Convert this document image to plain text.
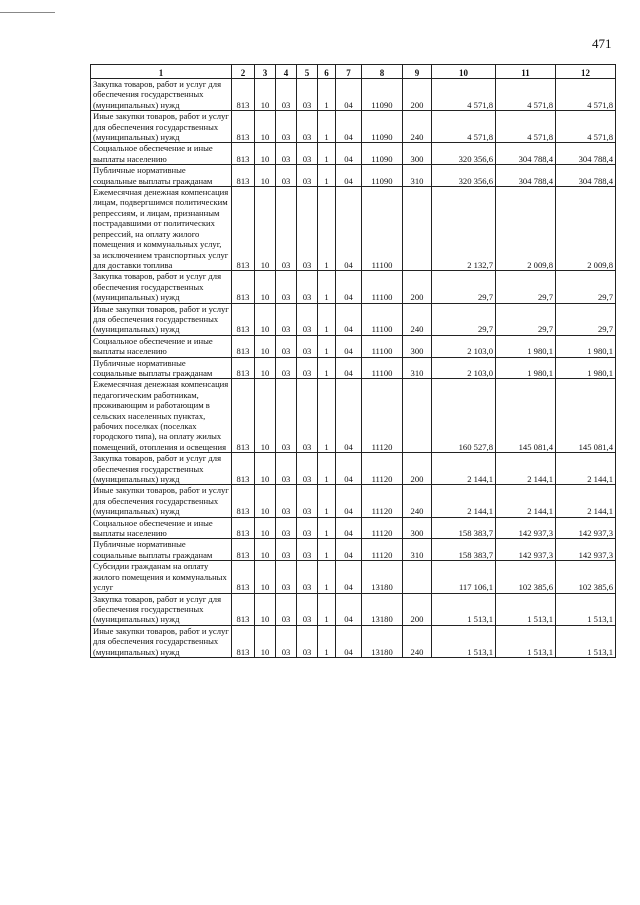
471
1	2	3	4	5	6	7	8	9	10	11	12
Закупка товаров, работ и услуг для обеспечения государственных (муниципальных) нужд	813	10	03	03	1	04	11090	200	4 571,8	4 571,8	4 571,8
Иные закупки товаров, работ и услуг для обеспечения государственных (муниципальных) нужд	813	10	03	03	1	04	11090	240	4 571,8	4 571,8	4 571,8
Социальное обеспечение и иные выплаты населению	813	10	03	03	1	04	11090	300	320 356,6	304 788,4	304 788,4
Публичные нормативные социальные выплаты гражданам	813	10	03	03	1	04	11090	310	320 356,6	304 788,4	304 788,4
Ежемесячная денежная компенсация лицам, подвергшимся политическим репрессиям, и лицам, признанным пострадавшими от политических репрессий, на оплату жилого помещения и коммунальных услуг, за исключением транспортных услуг для доставки топлива	813	10	03	03	1	04	11100		2 132,7	2 009,8	2 009,8
Закупка товаров, работ и услуг для обеспечения государственных (муниципальных) нужд	813	10	03	03	1	04	11100	200	29,7	29,7	29,7
Иные закупки товаров, работ и услуг для обеспечения государственных (муниципальных) нужд	813	10	03	03	1	04	11100	240	29,7	29,7	29,7
Социальное обеспечение и иные выплаты населению	813	10	03	03	1	04	11100	300	2 103,0	1 980,1	1 980,1
Публичные нормативные социальные выплаты гражданам	813	10	03	03	1	04	11100	310	2 103,0	1 980,1	1 980,1
Ежемесячная денежная компенсация педагогическим работникам, проживающим и работающим в сельских населенных пунктах, рабочих поселках (поселках городского типа), на оплату жилых помещений, отопления и освещения	813	10	03	03	1	04	11120		160 527,8	145 081,4	145 081,4
Закупка товаров, работ и услуг для обеспечения государственных (муниципальных) нужд	813	10	03	03	1	04	11120	200	2 144,1	2 144,1	2 144,1
Иные закупки товаров, работ и услуг для обеспечения государственных (муниципальных) нужд	813	10	03	03	1	04	11120	240	2 144,1	2 144,1	2 144,1
Социальное обеспечение и иные выплаты населению	813	10	03	03	1	04	11120	300	158 383,7	142 937,3	142 937,3
Публичные нормативные социальные выплаты гражданам	813	10	03	03	1	04	11120	310	158 383,7	142 937,3	142 937,3
Субсидии гражданам на оплату жилого помещения и коммунальных услуг	813	10	03	03	1	04	13180		117 106,1	102 385,6	102 385,6
Закупка товаров, работ и услуг для обеспечения государственных (муниципальных) нужд	813	10	03	03	1	04	13180	200	1 513,1	1 513,1	1 513,1
Иные закупки товаров, работ и услуг для обеспечения государственных (муниципальных) нужд	813	10	03	03	1	04	13180	240	1 513,1	1 513,1	1 513,1
